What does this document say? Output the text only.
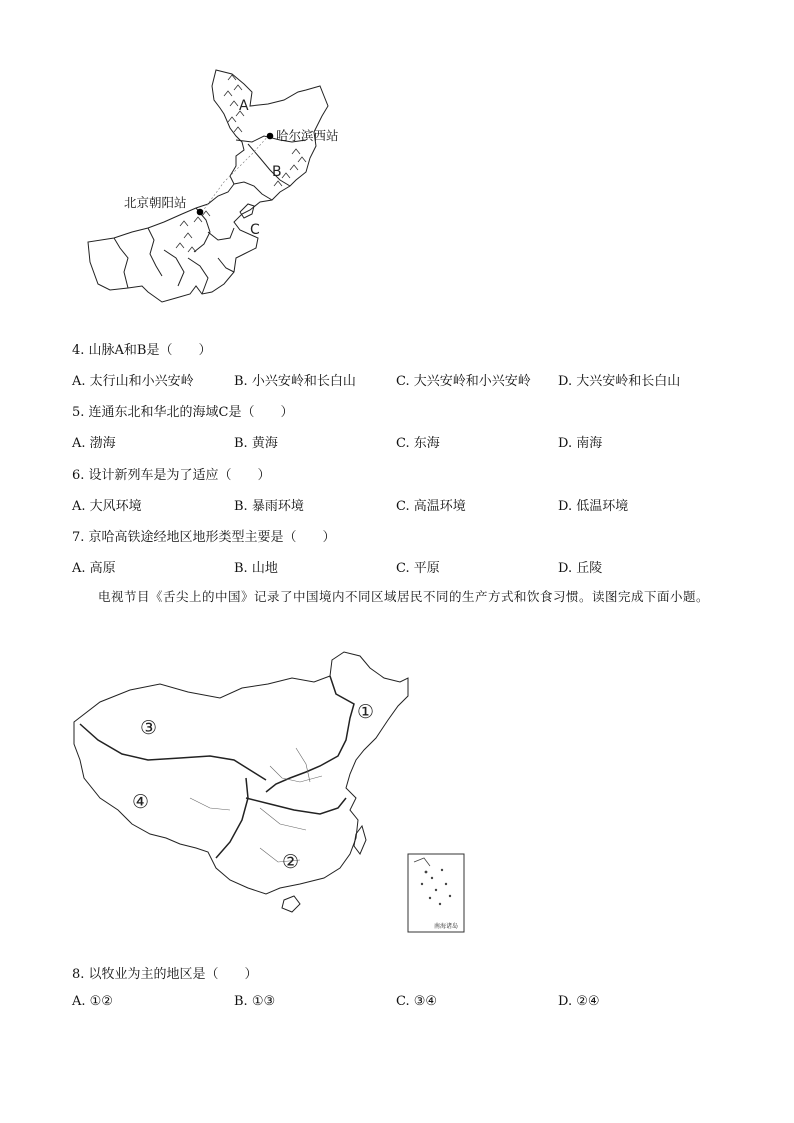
A
B
C
哈尔滨西站
北京朝阳站
4. 山脉A和B是（　　）
A. 太行山和小兴安岭	B. 小兴安岭和长白山	C. 大兴安岭和小兴安岭 D. 大兴安岭和长白山
5. 连通东北和华北的海域C是（　　）
A. 渤海	B. 黄海	C. 东海	D. 南海
6. 设计新列车是为了适应（　　）
A. 大风环境	B. 暴雨环境	C. 高温环境	D. 低温环境
7. 京哈高铁途经地区地形类型主要是（　　）
A. 高原	B. 山地	C. 平原	D. 丘陵
电视节目《舌尖上的中国》记录了中国境内不同区域居民不同的生产方式和饮食习惯。读图完成下面小题。
南海诸岛
①
②
③
④
8. 以牧业为主的地区是（　　）
A. ①②	B. ①③	C. ③④	D. ②④
